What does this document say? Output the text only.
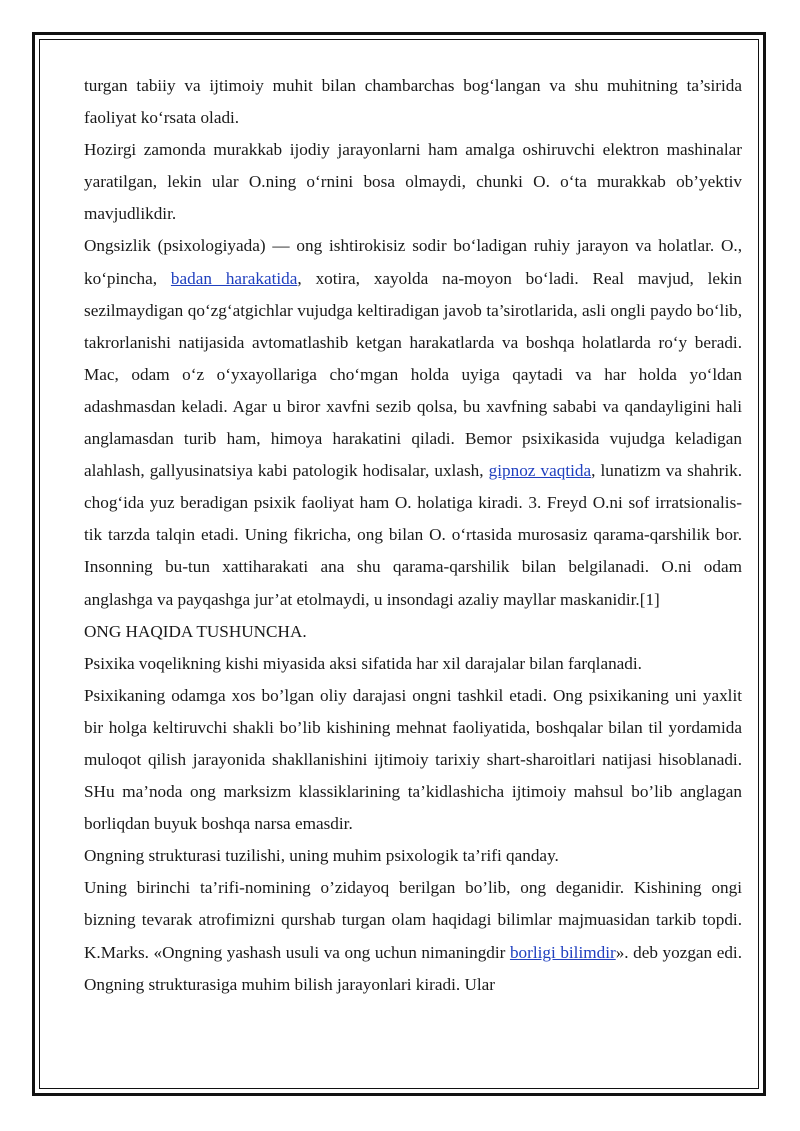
turgan tabiiy va ijtimoiy muhit bilan chambarchas bog‘langan va shu muhitning ta’sirida faoliyat ko‘rsata oladi.

Hozirgi zamonda murakkab ijodiy jarayonlarni ham amalga oshiruvchi elektron mashinalar yaratilgan, lekin ular O.ning o‘rnini bosa olmaydi, chunki O. o‘ta murakkab ob’yektiv mavjudlikdir.

Ongsizlik (psixologiyada) — ong ishtirokisiz sodir bo‘ladigan ruhiy jarayon va holatlar. O., ko‘pincha, badan harakatida, xotira, xayolda na-moyon bo‘ladi. Real mavjud, lekin sezilmaydigan qo‘zg‘atgichlar vujudga keltiradigan javob ta’sirotlarida, asli ongli paydo bo‘lib, takrorlanishi natijasida avtomatlashib ketgan harakatlarda va boshqa holatlarda ro‘y beradi. Mac, odam o‘z o‘yxayollariga cho‘mgan holda uyiga qaytadi va har holda yo‘ldan adashmasdan keladi. Agar u biror xavfni sezib qolsa, bu xavfning sababi va qandayligini hali anglamasdan turib ham, himoya harakatini qiladi. Bemor psixikasida vujudga keladigan alahlash, gallyusinatsiya kabi patologik hodisalar, uxlash, gipnoz vaqtida, lunatizm va shahrik. chog‘ida yuz beradigan psixik faoliyat ham O. holatiga kiradi. 3. Freyd O.ni sof irratsionalis-tik tarzda talqin etadi. Uning fikricha, ong bilan O. o‘rtasida murosasiz qarama-qarshilik bor. Insonning bu-tun xattiharakati ana shu qarama-qarshilik bilan belgilanadi. O.ni odam anglashga va payqashga jur’at etolmaydi, u insondagi azaliy mayllar maskanidir.[1]

ONG HAQIDA TUSHUNCHA.

Psixika voqelikning kishi miyasida aksi sifatida har xil darajalar bilan farqlanadi.

Psixikaning odamga xos bo’lgan oliy darajasi ongni tashkil etadi. Ong psixikaning uni yaxlit bir holga keltiruvchi shakli bo’lib kishining mehnat faoliyatida, boshqalar bilan til yordamida muloqot qilish jarayonida shakllanishini ijtimoiy tarixiy shart-sharoitlari natijasi hisoblanadi. SHu ma’noda ong marksizm klassiklarining ta’kidlashicha ijtimoiy mahsul bo’lib anglagan borliqdan buyuk boshqa narsa emasdir.

Ongning strukturasi tuzilishi, uning muhim psixologik ta’rifi qanday.

Uning birinchi ta’rifi-nomining o’zidayoq berilgan bo’lib, ong deganidir. Kishining ongi bizning tevarak atrofimizni qurshab turgan olam haqidagi bilimlar majmuasidan tarkib topdi. K.Marks. «Ongning yashash usuli va ong uchun nimaningdir borligi bilimdir». deb yozgan edi. Ongning strukturasiga muhim bilish jarayonlari kiradi. Ular
